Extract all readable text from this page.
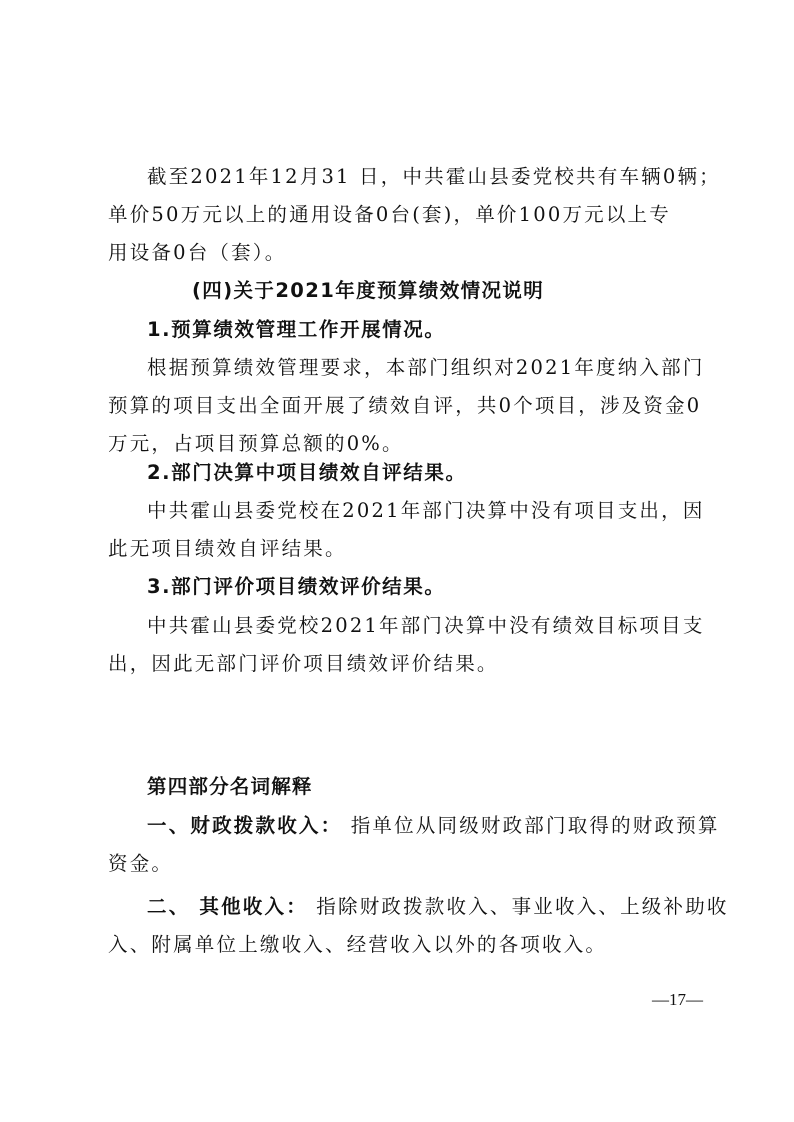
截至2021年12月31 日，中共霍山县委党校共有车辆0辆；
单价50万元以上的通用设备0台(套)，单价100万元以上专
用设备0台（套）。
(四)关于2021年度预算绩效情况说明
1.预算绩效管理工作开展情况。
根据预算绩效管理要求，本部门组织对2021年度纳入部门
预算的项目支出全面开展了绩效自评，共0个项目，涉及资金0
万元，占项目预算总额的0%。
2.部门决算中项目绩效自评结果。
中共霍山县委党校在2021年部门决算中没有项目支出，因
此无项目绩效自评结果。
3.部门评价项目绩效评价结果。
中共霍山县委党校2021年部门决算中没有绩效目标项目支
出，因此无部门评价项目绩效评价结果。
第四部分名词解释
一、财政拨款收入： 指单位从同级财政部门取得的财政预算
资金。
二、 其他收入： 指除财政拨款收入、事业收入、上级补助收
入、附属单位上缴收入、经营收入以外的各项收入。
—17—
